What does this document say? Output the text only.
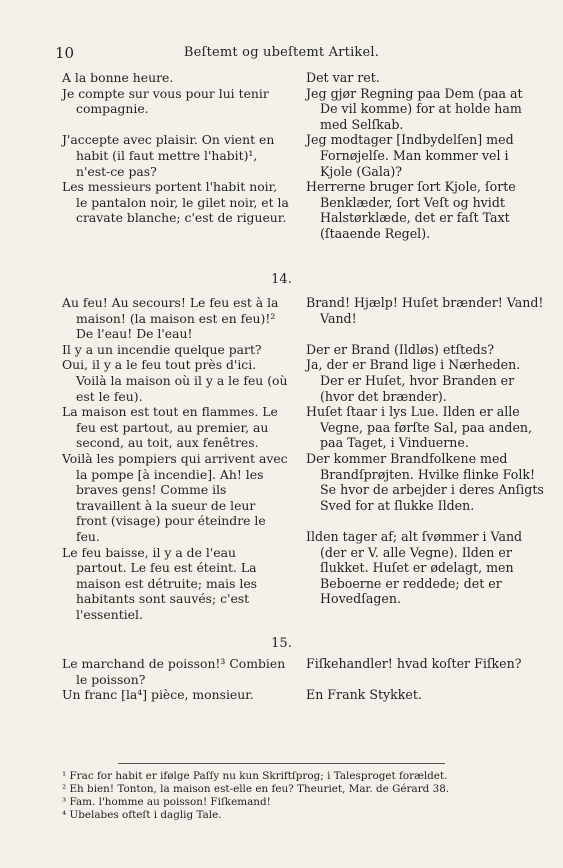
10	Beſtemt og ubeſtemt Artikel.

A la bonne heure.

Je compte sur vous pour lui tenir compagnie.

J'accepte avec plaisir. On vient en habit (il faut mettre l'habit)¹, n'est-ce pas?

Les messieurs portent l'habit noir, le pantalon noir, le gilet noir, et la cravate blanche; c'est de rigueur.

Det var ret.

Jeg gjør Regning paa Dem (paa at De vil komme) for at holde ham med Selſkab.

Jeg modtager [Indbydelſen] med Fornøjelſe. Man kommer vel i Kjole (Gala)?

Herrerne bruger ſort Kjole, ſorte Benklæder, ſort Veſt og hvidt Halstørklæde, det er faſt Taxt (ſtaaende Regel).

14.

Au feu! Au secours! Le feu est à la maison! (la maison est en feu)!² De l'eau! De l'eau!

Il y a un incendie quelque part?

Oui, il y a le feu tout près d'ici. Voilà la maison où il y a le feu (où est le feu).

La maison est tout en flammes. Le feu est partout, au premier, au second, au toit, aux fenêtres.

Voilà les pompiers qui arrivent avec la pompe [à incendie]. Ah! les braves gens! Comme ils travaillent à la sueur de leur front (visage) pour éteindre le feu.

Le feu baisse, il y a de l'eau partout. Le feu est éteint. La maison est détruite; mais les habitants sont sauvés; c'est l'essentiel.

Brand! Hjælp! Huſet brænder! Vand! Vand!

Der er Brand (Ildløs) etſteds?

Ja, der er Brand lige i Nærheden. Der er Huſet, hvor Branden er (hvor det brænder).

Huſet ſtaar i lys Lue. Ilden er alle Vegne, paa førſte Sal, paa anden, paa Taget, i Vinduerne.

Der kommer Brandfolkene med Brandſprøjten. Hvilke flinke Folk! Se hvor de arbejder i deres Anſigts Sved for at ſlukke Ilden.

Ilden tager af; alt ſvømmer i Vand (der er V. alle Vegne). Ilden er ſlukket. Huſet er ødelagt, men Beboerne er reddede; det er Hovedſagen.

15.

Le marchand de poisson!³ Combien le poisson?

Un franc [la⁴] pièce, monsieur.

Fiſkehandler! hvad koſter Fiſken?

En Frank Stykket.

¹ Frac for habit er ifølge Paſſy nu kun Skriftſprog; i Talesproget forældet.

² Eh bien! Tonton, la maison est-elle en feu? Theuriet, Mar. de Gérard 38.

³ Fam. l'homme au poisson! Fiſkemand!

⁴ Ubelabes ofteſt i daglig Tale.
